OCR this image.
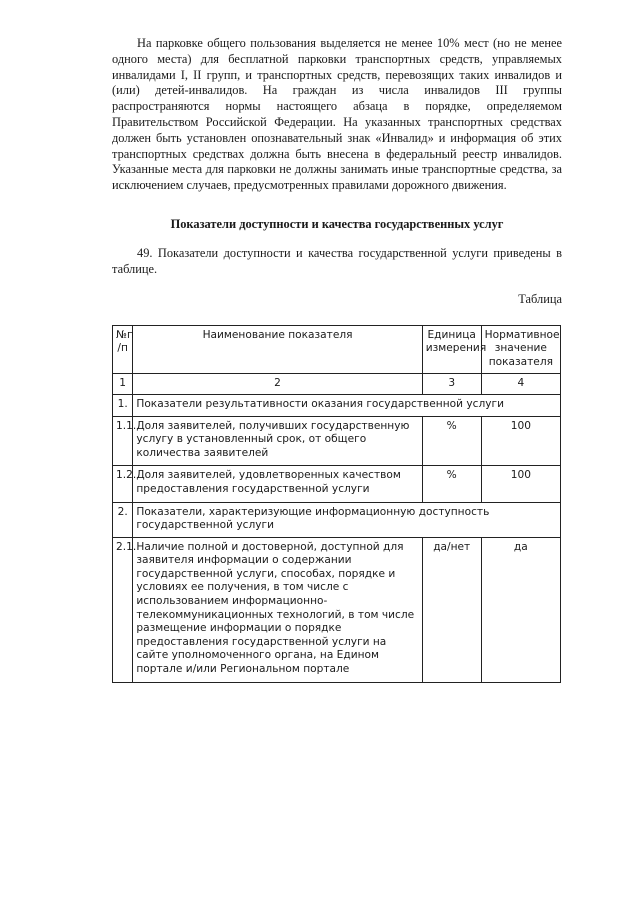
На парковке общего пользования выделяется не менее 10% мест (но не менее одного места) для бесплатной парковки транспортных средств, управляемых инвалидами I, II групп, и транспортных средств, перевозящих таких инвалидов и (или) детей-инвалидов. На граждан из числа инвалидов III группы распространяются нормы настоящего абзаца в порядке, определяемом Правительством Российской Федерации. На указанных транспортных средствах должен быть установлен опознавательный знак «Инвалид» и информация об этих транспортных средствах должна быть внесена в федеральный реестр инвалидов. Указанные места для парковки не должны занимать иные транспортные средства, за исключением случаев, предусмотренных правилами дорожного движения.

Показатели доступности и качества государственных услуг

49. Показатели доступности и качества государственной услуги приведены в таблице.

Таблица
№п /п	Наименование показателя	Единица измерения	Нормативное значение показателя
1	2	3	4
1.	Показатели результативности оказания государственной услуги		
1.1.	Доля заявителей, получивших государственную услугу в установленный срок, от общего количества заявителей	%	100
1.2.	Доля заявителей, удовлетворенных качеством предоставления государственной услуги	%	100
2.	Показатели, характеризующие информационную доступность государственной услуги		
2.1.	Наличие полной и достоверной, доступной для заявителя информации о содержании государственной услуги, способах, порядке и условиях ее получения, в том числе с использованием информационно-телекоммуникационных технологий, в том числе размещение информации о порядке предоставления государственной услуги на сайте уполномоченного органа, на Едином портале и/или Региональном портале	да/нет	да
